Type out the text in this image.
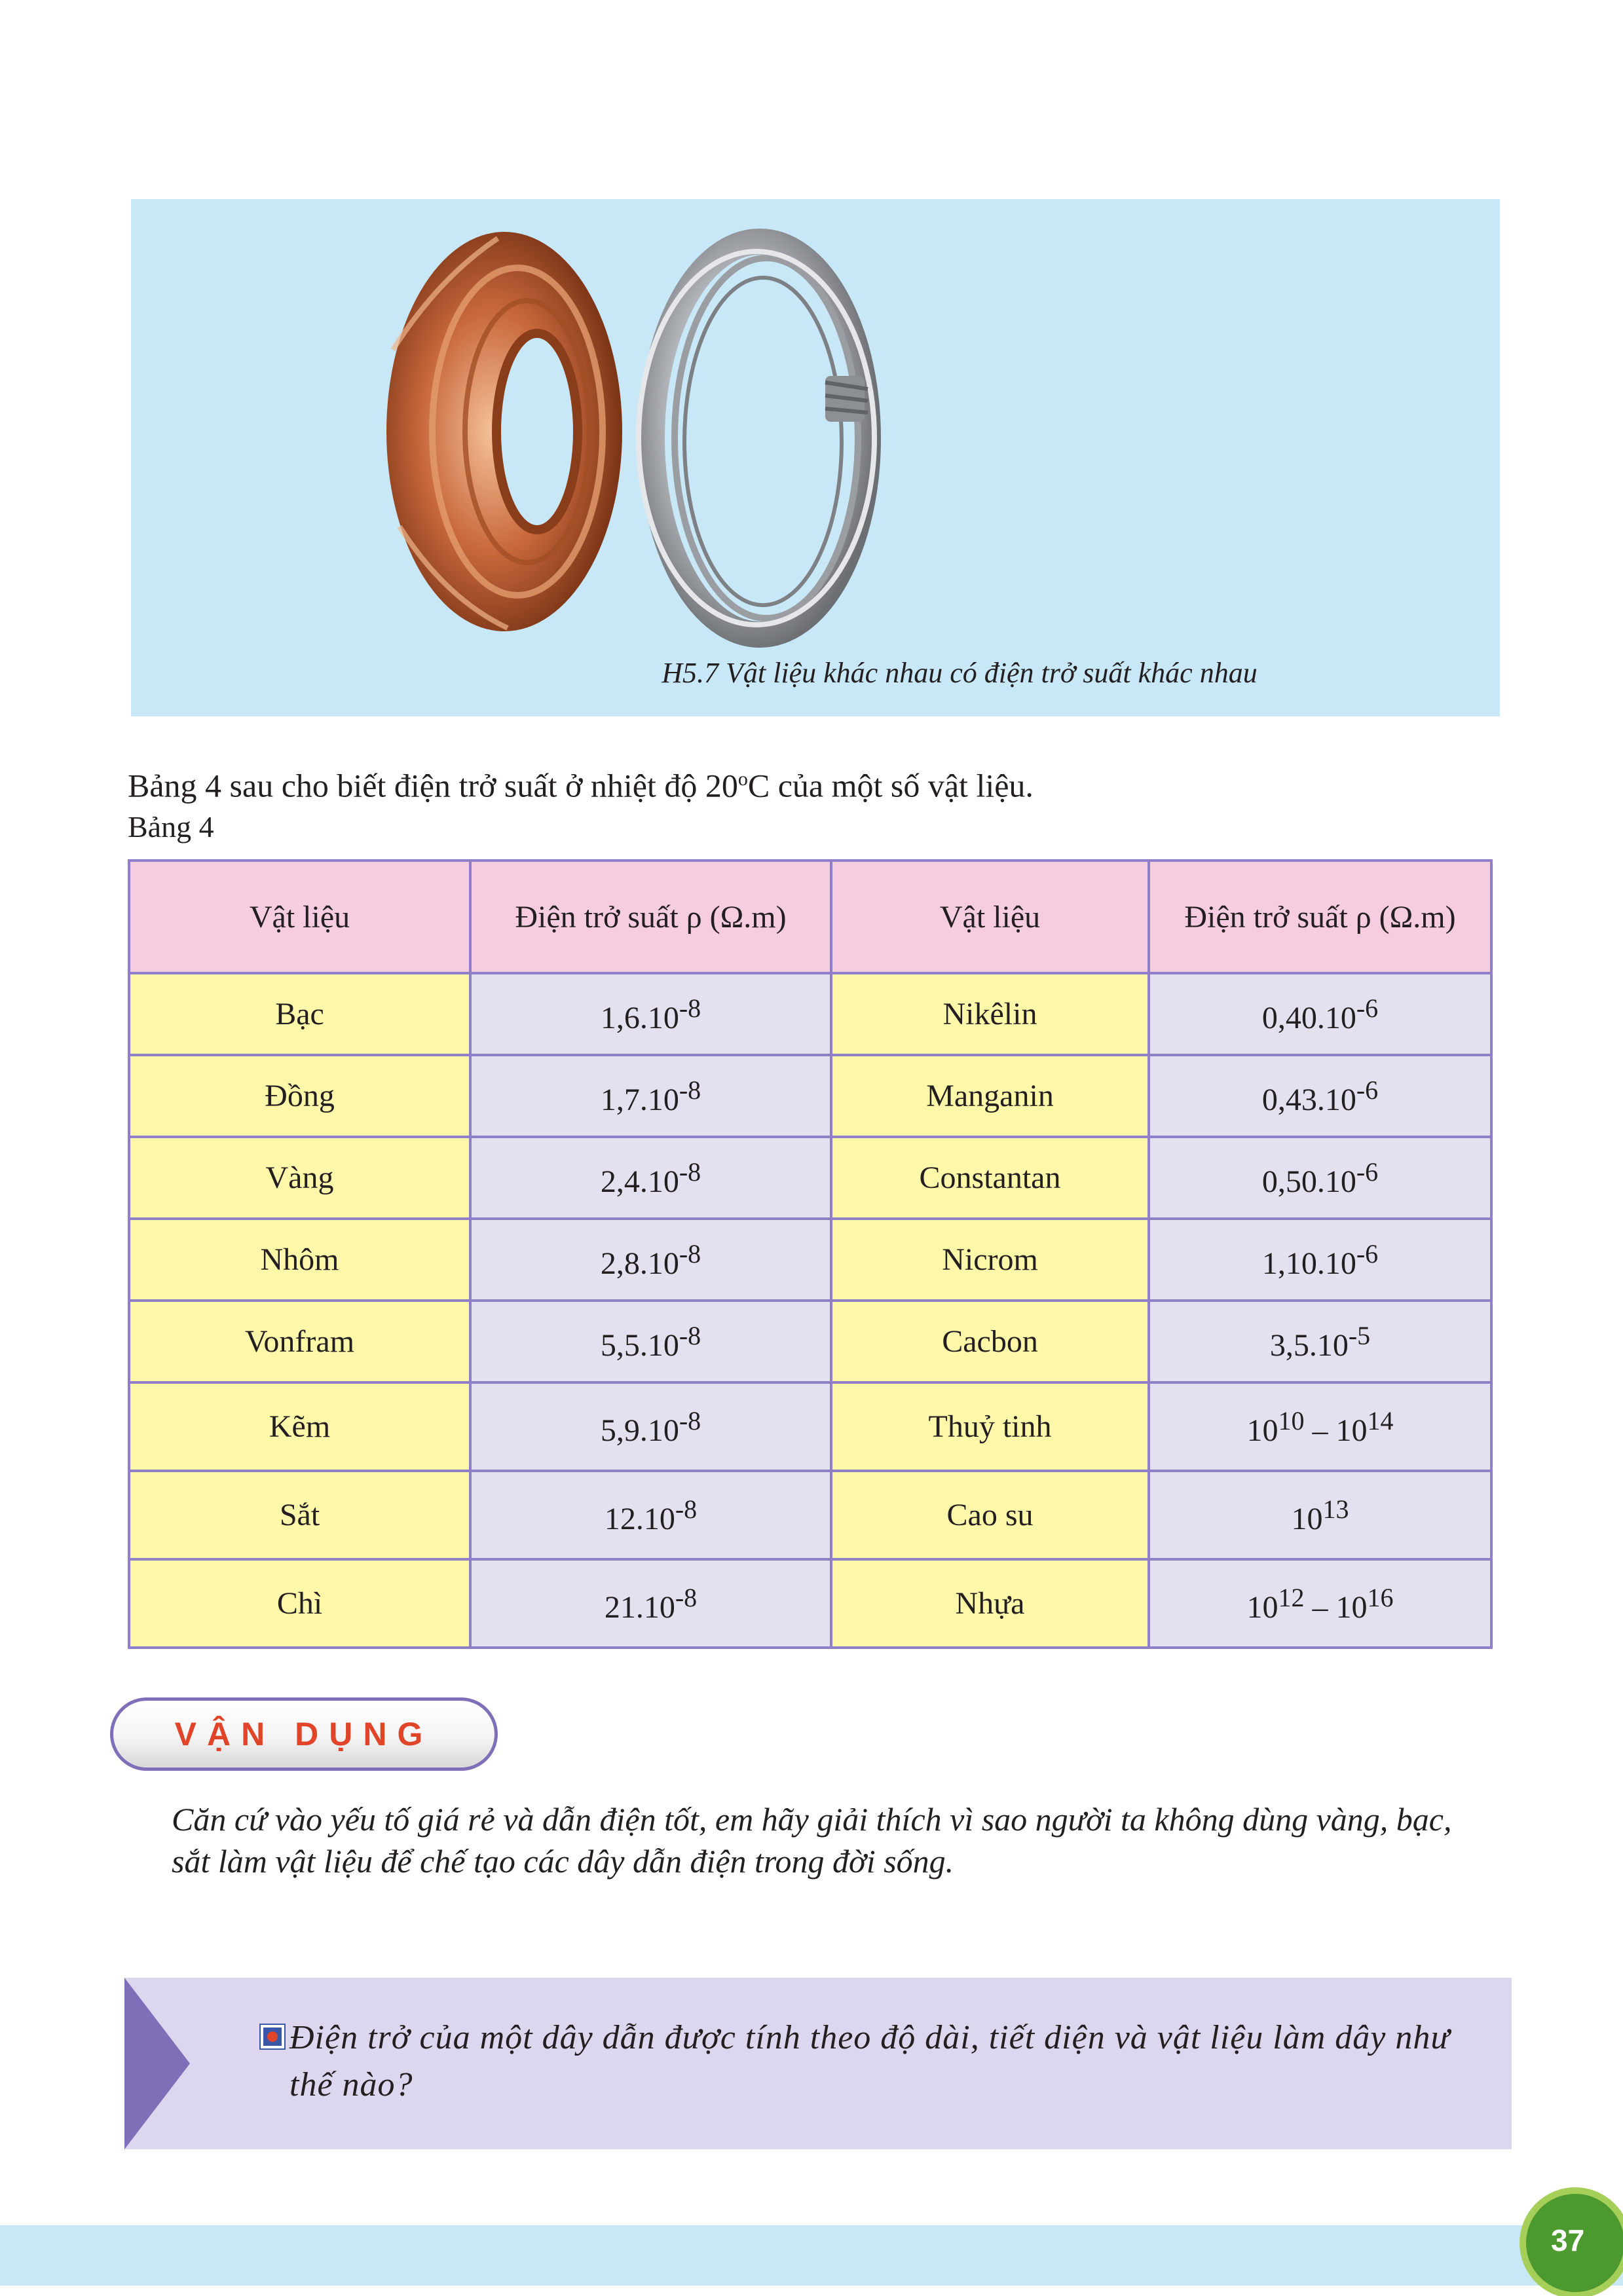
H5.7 Vật liệu khác nhau có điện trở suất khác nhau

Bảng 4 sau cho biết điện trở suất ở nhiệt độ 20$^o$C của một số vật liệu.

Bảng 4

Vật liệu	Điện trở suất ρ (Ω.m)	Vật liệu	Điện trở suất ρ (Ω.m)
Bạc	$1,6.10^{-8}$	Nikêlin	$0,40.10^{-6}$
Đồng	$1,7.10^{-8}$	Manganin	$0,43.10^{-6}$
Vàng	$2,4.10^{-8}$	Constantan	$0,50.10^{-6}$
Nhôm	$2,8.10^{-8}$	Nicrom	$1,10.10^{-6}$
Vonfram	$5,5.10^{-8}$	Cacbon	$3,5.10^{-5}$
Kẽm	$5,9.10^{-8}$	Thuỷ tinh	$10^{10} - 10^{14}$
Sắt	$12.10^{-8}$	Cao su	$10^{13}$
Chì	$21.10^{-8}$	Nhựa	$10^{12} - 10^{16}$
VẬN DỤNG

Căn cứ vào yếu tố giá rẻ và dẫn điện tốt, em hãy giải thích vì sao người ta không dùng vàng, bạc, sắt làm vật liệu để chế tạo các dây dẫn điện trong đời sống.

Điện trở của một dây dẫn được tính theo độ dài, tiết diện và vật liệu làm dây như thế nào?

37
